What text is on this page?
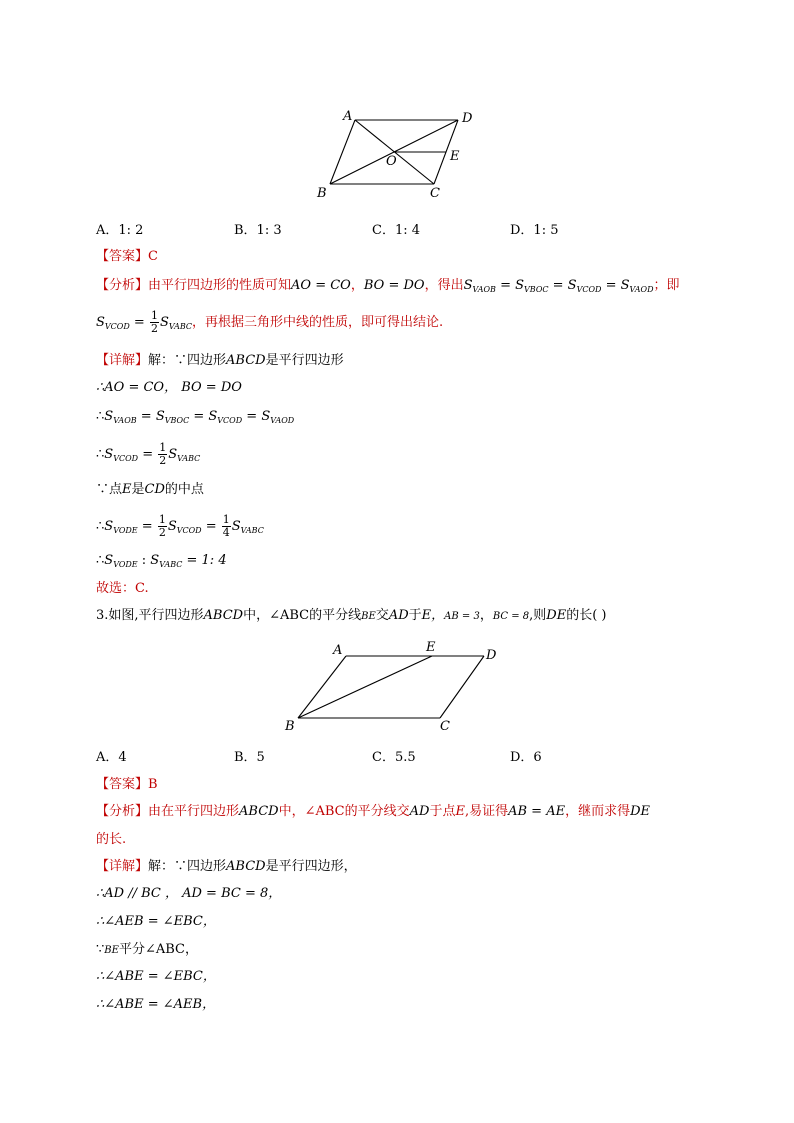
A	D
O	E
B	C
A．1: 2	B．1: 3	C．1: 4	D．1: 5
【答案】C
【分析】由平行四边形的性质可知AO = CO，BO = DO，得出$S_{VAOB} = S_{VBOC} = S_{VCOD} = S_{VAOD}$；即
$S_{VCOD} = \frac{1}{2} S_{VABC}$，再根据三角形中线的性质，即可得出结论.
【详解】解：∵四边形ABCD是平行四边形
∴AO = CO， BO = DO
$\therefore S_{VAOB} = S_{VBOC} = S_{VCOD} = S_{VAOD}$
$\therefore S_{VCOD} = \frac{1}{2} S_{VABC}$
∵点E是CD的中点
$\therefore S_{VODE} = \frac{1}{2} S_{VCOD} = \frac{1}{4} S_{VABC}$
$\therefore S_{VODE}$ : $S_{VABC} = 1$: 4
故选：C.
3.如图,平行四边形ABCD中，∠ABC的平分线BE交AD于E，AB = 3，BC = 8,则DE的长( )
A	E
D
B	C
A．4	B．5	C．5.5	D．6
【答案】B
【分析】由在平行四边形ABCD中，∠ABC的平分线交AD于点E,易证得AB = AE，继而求得DE
的长.
【详解】解：∵四边形ABCD是平行四边形，
∴AD // BC ， AD = BC = 8，
∴∠AEB = ∠EBC，
∵BE平分∠ABC，
∴∠ABE = ∠EBC，
∴∠ABE = ∠AEB，
